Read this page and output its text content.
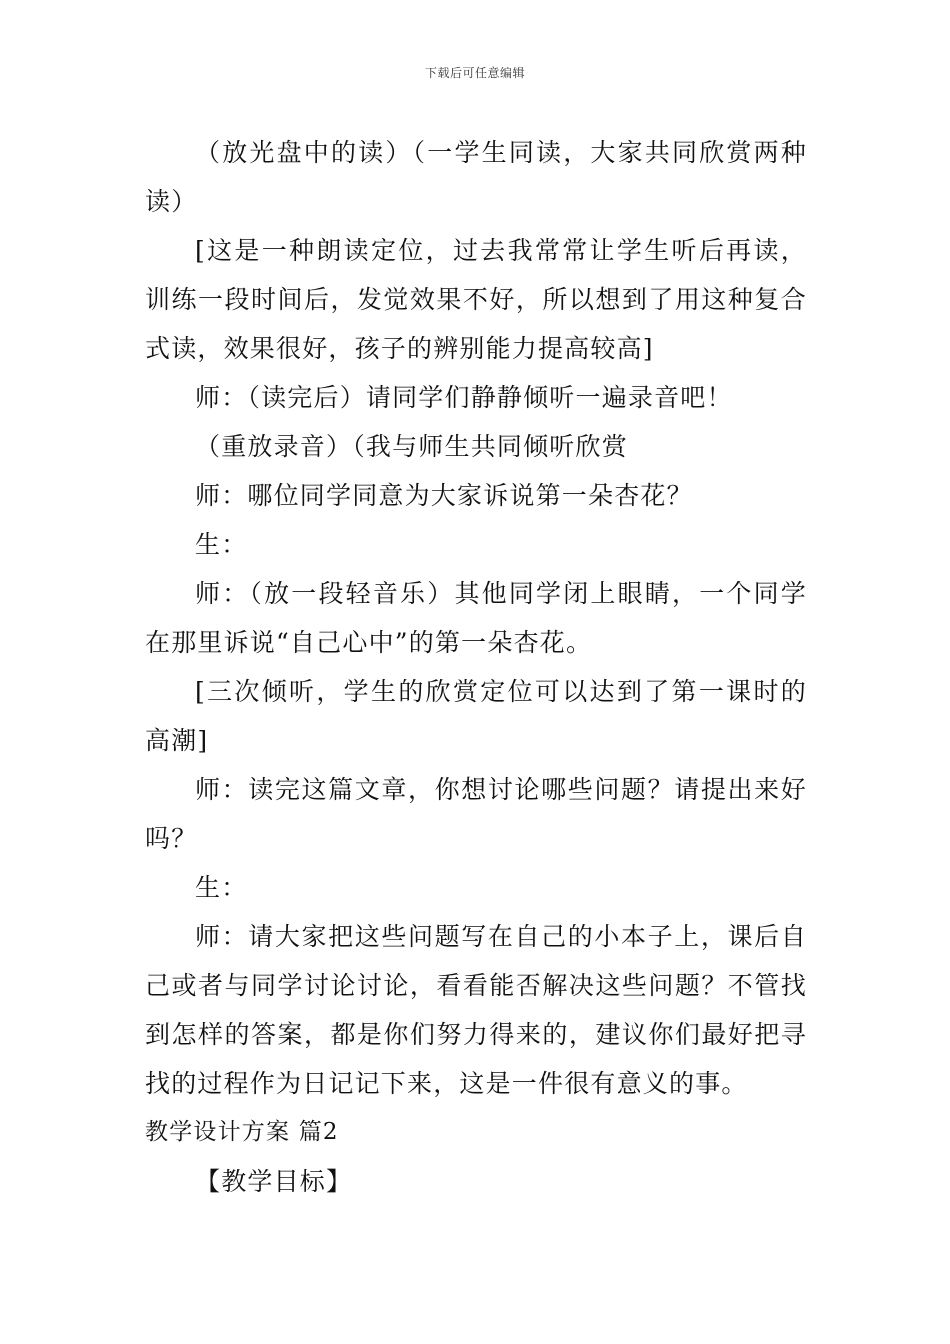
下载后可任意编辑

（放光盘中的读）（一学生同读，大家共同欣赏两种读）

[这是一种朗读定位，过去我常常让学生听后再读，训练一段时间后，发觉效果不好，所以想到了用这种复合式读，效果很好，孩子的辨别能力提高较高]

师：（读完后）请同学们静静倾听一遍录音吧！

（重放录音）（我与师生共同倾听欣赏

师：哪位同学同意为大家诉说第一朵杏花？

生：

师：（放一段轻音乐）其他同学闭上眼睛，一个同学在那里诉说“自己心中”的第一朵杏花。

[三次倾听，学生的欣赏定位可以达到了第一课时的高潮]

师：读完这篇文章，你想讨论哪些问题？请提出来好吗？

生：

师：请大家把这些问题写在自己的小本子上，课后自己或者与同学讨论讨论，看看能否解决这些问题？不管找到怎样的答案，都是你们努力得来的，建议你们最好把寻找的过程作为日记记下来，这是一件很有意义的事。

教学设计方案 篇2

【教学目标】
